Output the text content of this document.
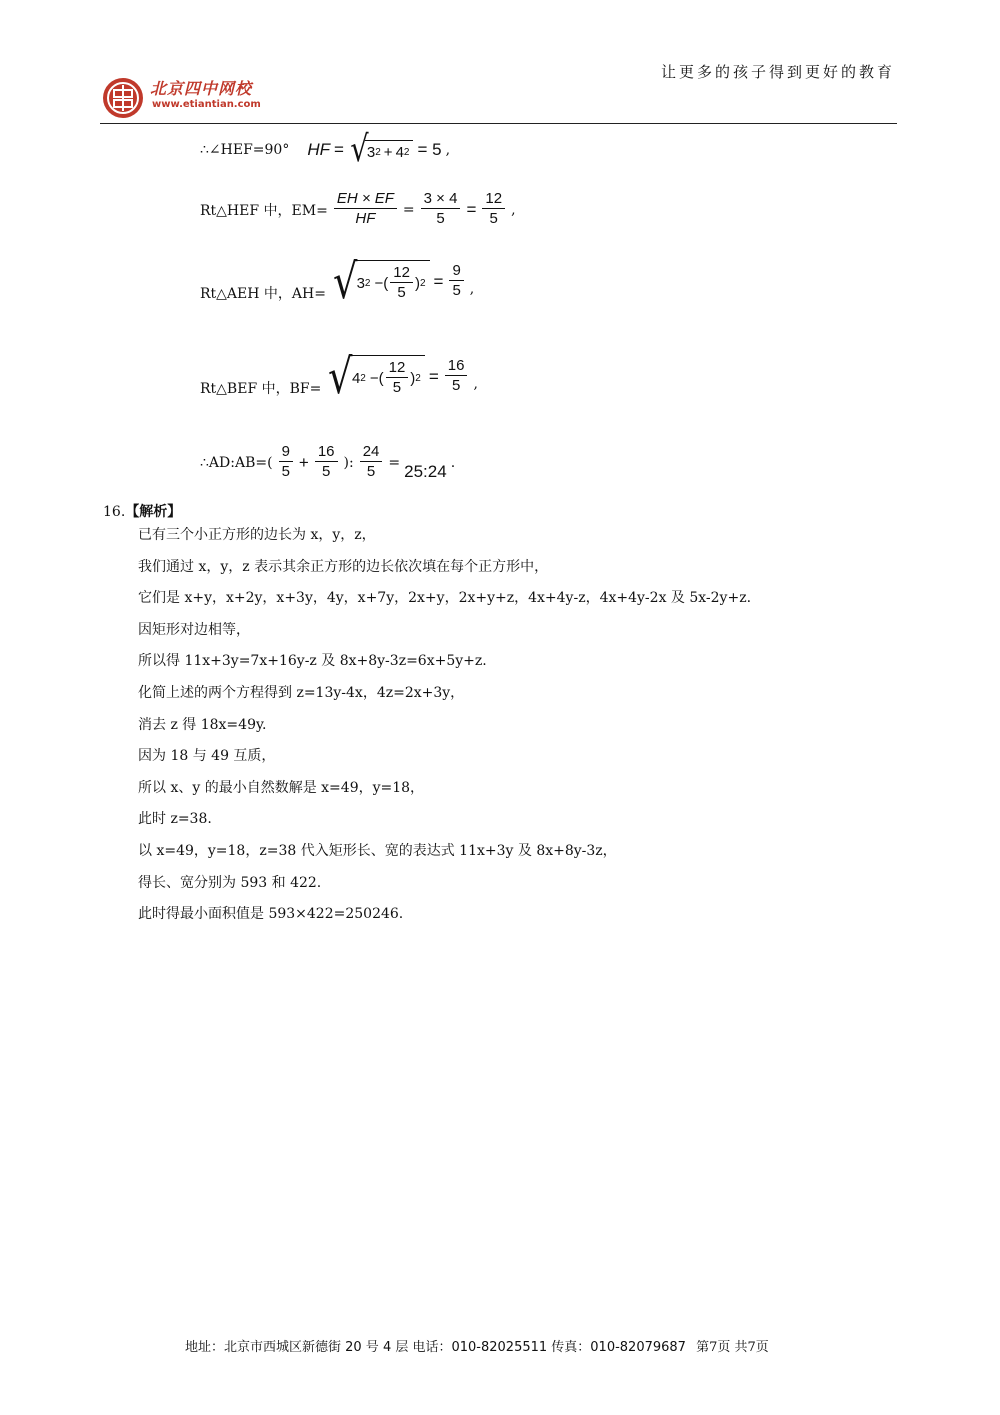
让更多的孩子得到更好的教育
北京四中网校
www.etiantian.com
∴∠HEF=90° HF = √
3 2 + 4 2 = 5 ,
Rt△HEF 中，$EM= \frac{EH \times EF}{HF} = \frac{3 \times 4}{5} = \frac{12}{5}$ ,
Rt△AEH 中，AH= √ 3 2 −( $\frac{12}{5}$ ) $2 = \frac{9}{5}$ ,
Rt△BEF 中，BF= √ 4 2 −( $\frac{12}{5}$ ) $2 = \frac{16}{5}$ ,
∴AD:AB=( $\frac{9}{5} + \frac{16}{5}$ ): $\frac{24}{5}$ = 25:24 .
16.【解析】
已有三个小正方形的边长为 x，y，z，
我们通过 x，y，z 表示其余正方形的边长依次填在每个正方形中，
它们是 x+y，x+2y，x+3y，4y，x+7y，2x+y，2x+y+z，4x+4y-z，4x+4y-2x 及 5x-2y+z.
因矩形对边相等，
所以得 11x+3y=7x+16y-z 及 8x+8y-3z=6x+5y+z.
化简上述的两个方程得到 z=13y-4x，4z=2x+3y，
消去 z 得 18x=49y.
因为 18 与 49 互质，
所以 x、y 的最小自然数解是 x=49，y=18，
此时 z=38.
以 x=49，y=18，z=38 代入矩形长、宽的表达式 11x+3y 及 8x+8y-3z，
得长、宽分别为 593 和 422.
此时得最小面积值是 593×422=250246.
地址：北京市西城区新德街 20 号 4 层 电话：010-82025511 传真：010-82079687 第7页 共7页
